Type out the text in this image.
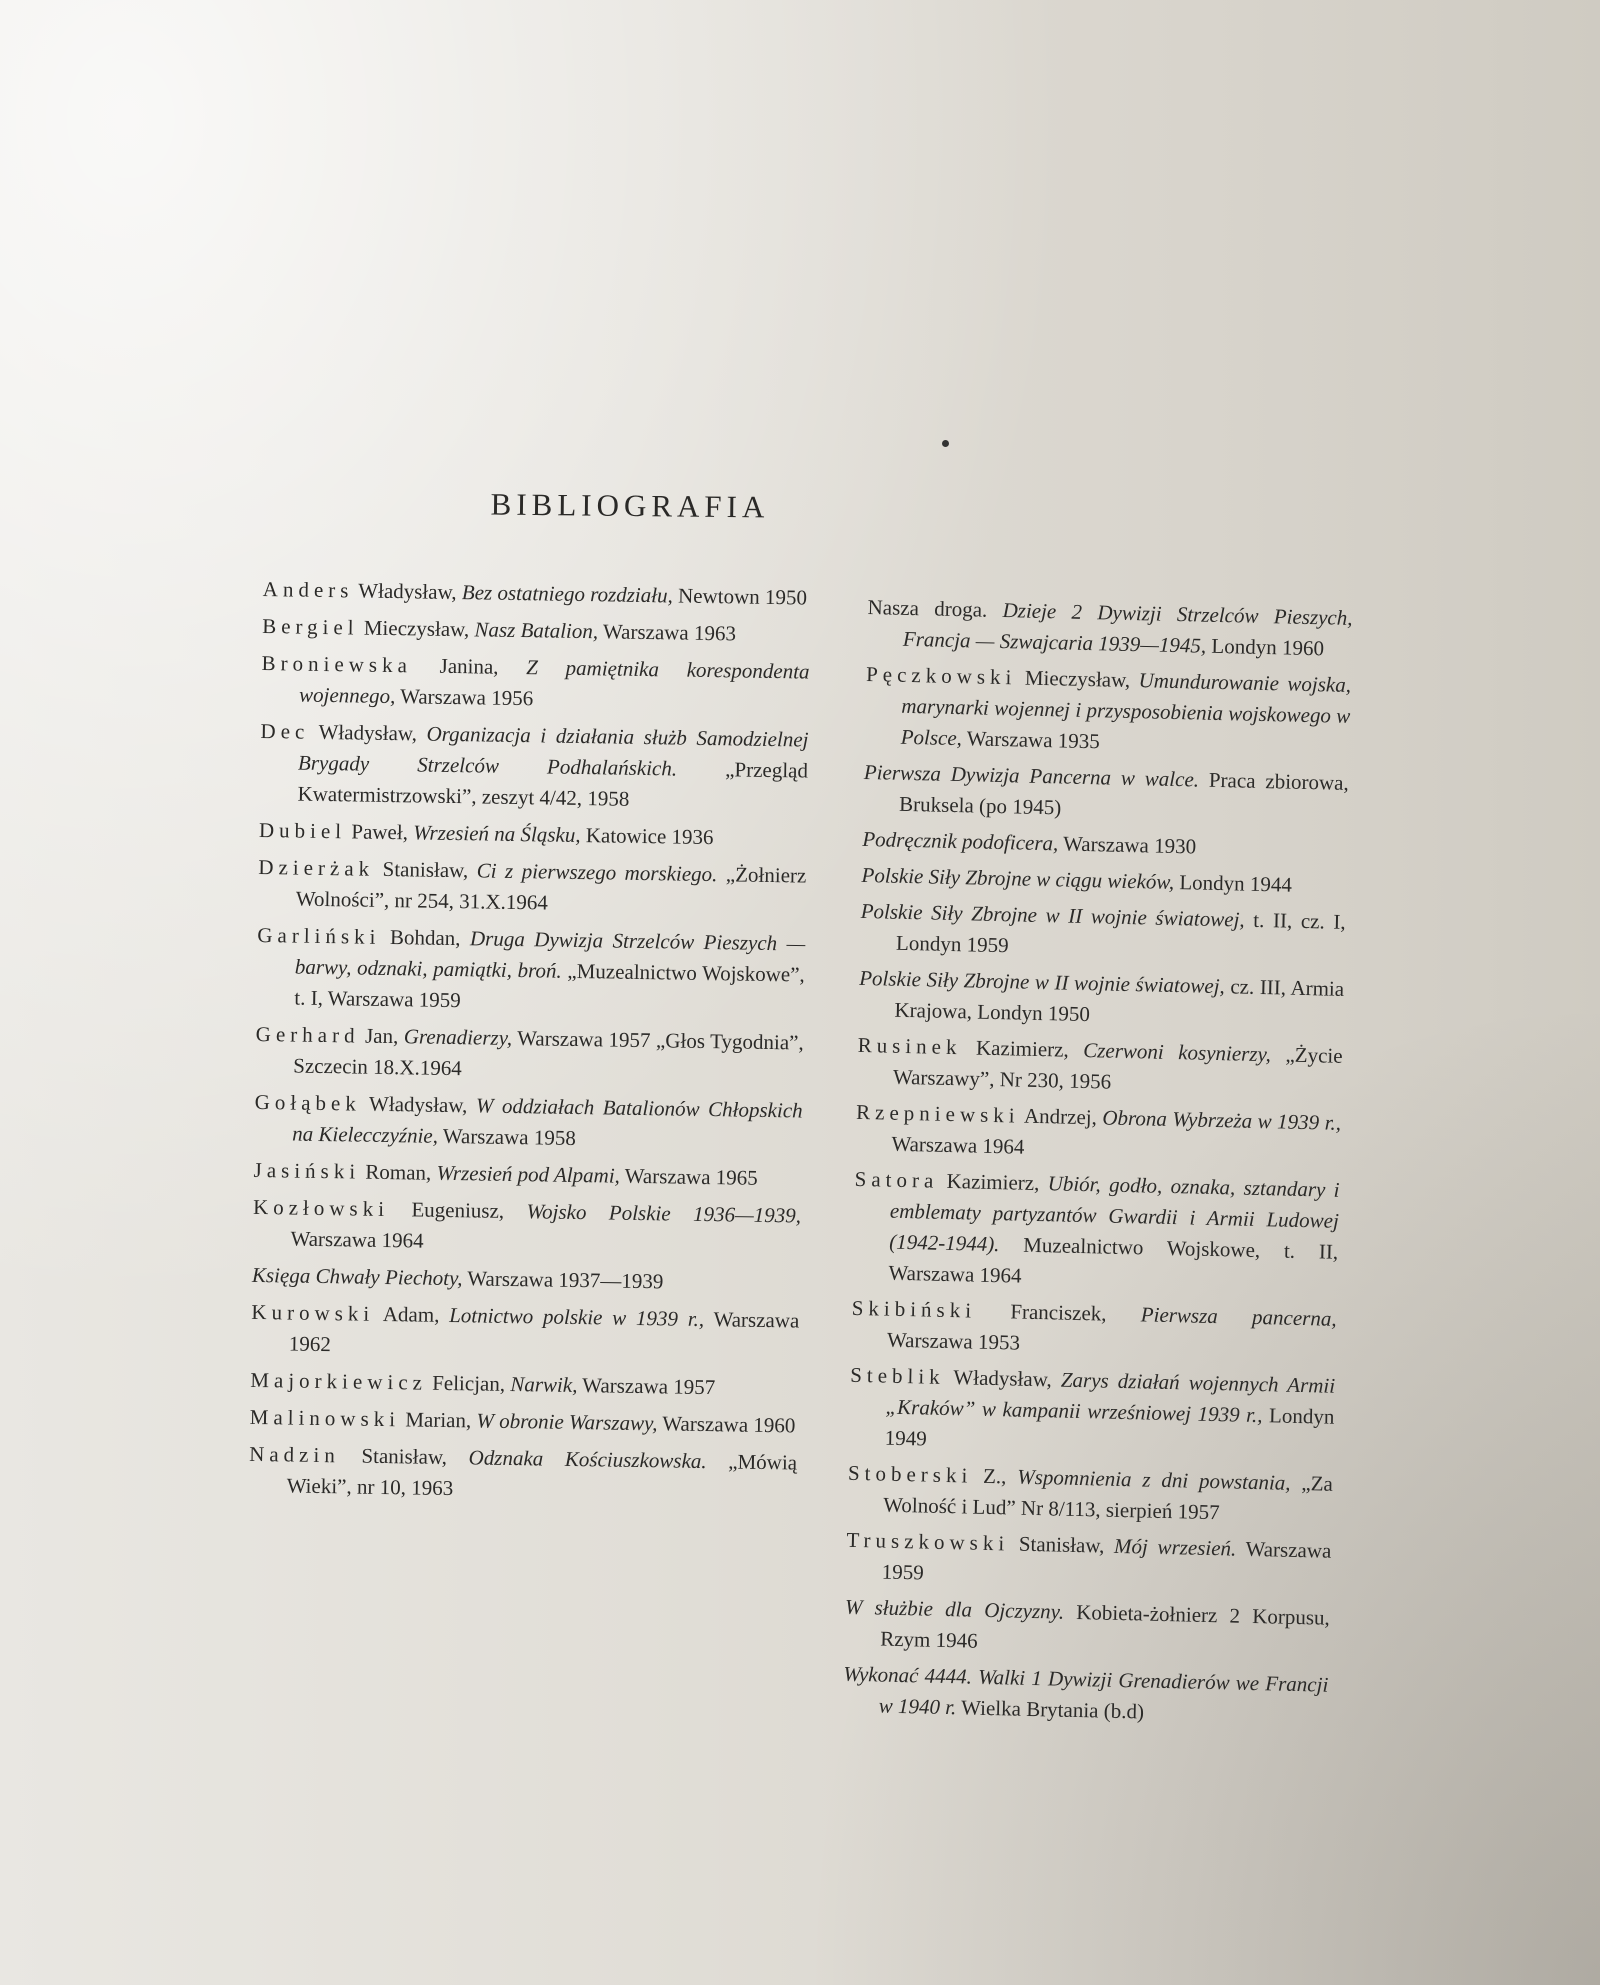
BIBLIOGRAFIA
Anders Władysław, Bez ostatniego rozdziału, Newtown 1950
Bergiel Mieczysław, Nasz Batalion, Warszawa 1963
Broniewska Janina, Z pamiętnika korespondenta wojennego, Warszawa 1956
Dec Władysław, Organizacja i działania służb Samodzielnej Brygady Strzelców Podhalańskich. „Przegląd Kwatermistrzowski”, zeszyt 4/42, 1958
Dubiel Paweł, Wrzesień na Śląsku, Katowice 1936
Dzierżak Stanisław, Ci z pierwszego morskiego. „Żołnierz Wolności”, nr 254, 31.X.1964
Garliński Bohdan, Druga Dywizja Strzelców Pieszych — barwy, odznaki, pamiątki, broń. „Muzealnictwo Wojskowe”, t. I, Warszawa 1959
Gerhard Jan, Grenadierzy, Warszawa 1957 „Głos Tygodnia”, Szczecin 18.X.1964
Gołąbek Władysław, W oddziałach Batalionów Chłopskich na Kielecczyźnie, Warszawa 1958
Jasiński Roman, Wrzesień pod Alpami, Warszawa 1965
Kozłowski Eugeniusz, Wojsko Polskie 1936—1939, Warszawa 1964
Księga Chwały Piechoty, Warszawa 1937—1939
Kurowski Adam, Lotnictwo polskie w 1939 r., Warszawa 1962
Majorkiewicz Felicjan, Narwik, Warszawa 1957
Malinowski Marian, W obronie Warszawy, Warszawa 1960
Nadzin Stanisław, Odznaka Kościuszkowska. „Mówią Wieki”, nr 10, 1963
Nasza droga. Dzieje 2 Dywizji Strzelców Pieszych, Francja — Szwajcaria 1939—1945, Londyn 1960
Pęczkowski Mieczysław, Umundurowanie wojska, marynarki wojennej i przysposobienia wojskowego w Polsce, Warszawa 1935
Pierwsza Dywizja Pancerna w walce. Praca zbiorowa, Bruksela (po 1945)
Podręcznik podoficera, Warszawa 1930
Polskie Siły Zbrojne w ciągu wieków, Londyn 1944
Polskie Siły Zbrojne w II wojnie światowej, t. II, cz. I, Londyn 1959
Polskie Siły Zbrojne w II wojnie światowej, cz. III, Armia Krajowa, Londyn 1950
Rusinek Kazimierz, Czerwoni kosynierzy, „Życie Warszawy”, Nr 230, 1956
Rzepniewski Andrzej, Obrona Wybrzeża w 1939 r., Warszawa 1964
Satora Kazimierz, Ubiór, godło, oznaka, sztandary i emblematy partyzantów Gwardii i Armii Ludowej (1942-1944). Muzealnictwo Wojskowe, t. II, Warszawa 1964
Skibiński Franciszek, Pierwsza pancerna, Warszawa 1953
Steblik Władysław, Zarys działań wojennych Armii „Kraków” w kampanii wrześniowej 1939 r., Londyn 1949
Stoberski Z., Wspomnienia z dni powstania, „Za Wolność i Lud” Nr 8/113, sierpień 1957
Truszkowski Stanisław, Mój wrzesień. Warszawa 1959
W służbie dla Ojczyzny. Kobieta-żołnierz 2 Korpusu, Rzym 1946
Wykonać 4444. Walki 1 Dywizji Grenadierów we Francji w 1940 r. Wielka Brytania (b.d)
